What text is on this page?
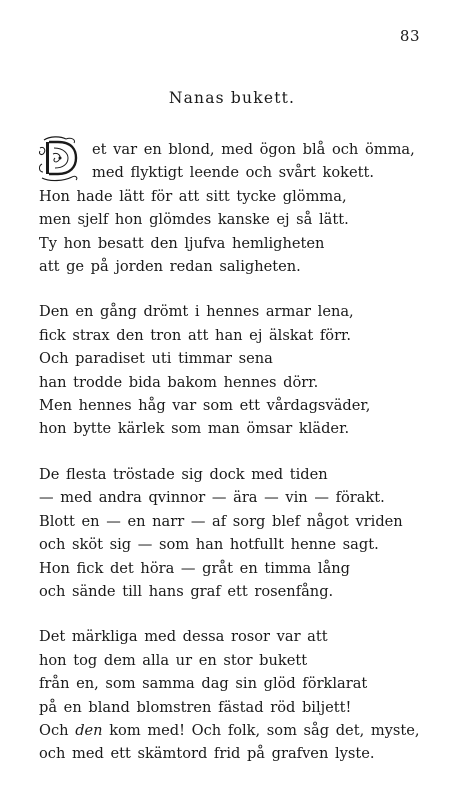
83
Nanas bukett.
et var en blond, med ögon blå och ömma,
med flyktigt leende och svårt kokett.
Hon hade lätt för att sitt tycke glömma,
men sjelf hon glömdes kanske ej så lätt.
Ty hon besatt den ljufva hemligheten
att ge på jorden redan saligheten.
Den en gång drömt i hennes armar lena,
fick strax den tron att han ej älskat förr.
Och paradiset uti timmar sena
han trodde bida bakom hennes dörr.
Men hennes håg var som ett vårdagsväder,
hon bytte kärlek som man ömsar kläder.
De flesta tröstade sig dock med tiden
— med andra qvinnor — ära — vin — förakt.
Blott en — en narr — af sorg blef något vriden
och sköt sig — som han hotfullt henne sagt.
Hon fick det höra — gråt en timma lång
och sände till hans graf ett rosenfång.
Det märkliga med dessa rosor var att
hon tog dem alla ur en stor bukett
från en, som samma dag sin glöd förklarat
på en bland blomstren fästad röd biljett!
Och den kom med! Och folk, som såg det, myste,
och med ett skämtord frid på grafven lyste.
